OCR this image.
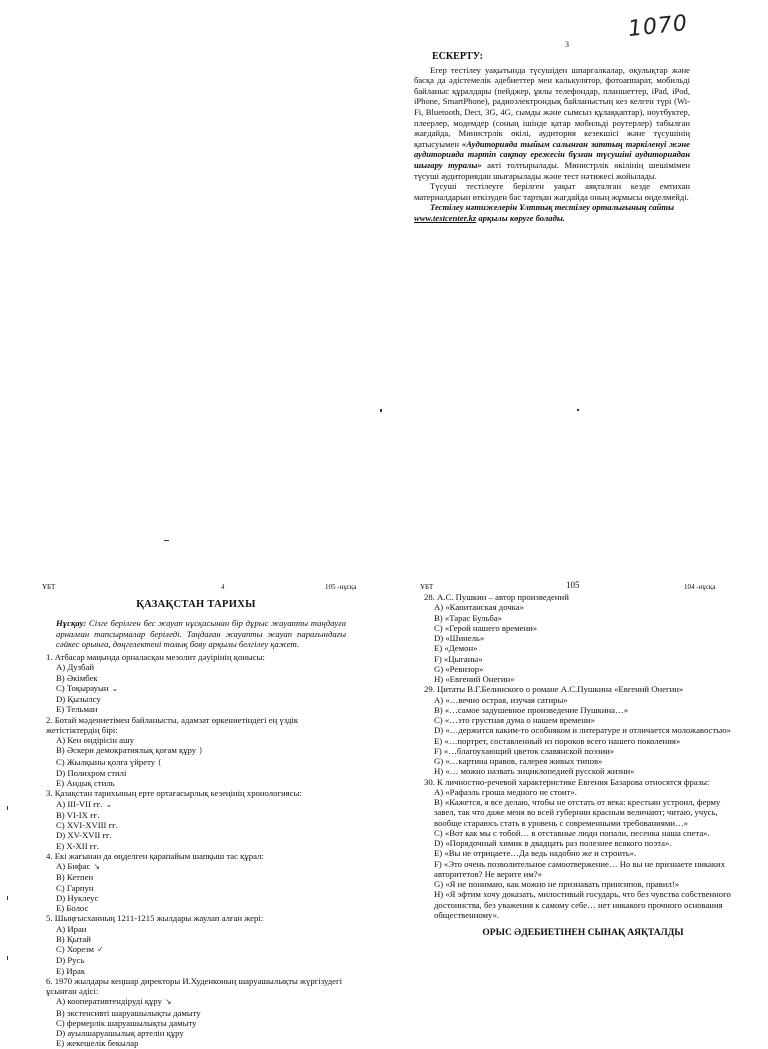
1070
3
ЕСКЕРТУ:

Егер тестілеу уақытында түсушіден шпаргалкалар, оқулықтар және басқа да әдістемелік әдебиеттер мен калькулятор, фотоаппарат, мобильді байланыс құралдары (пейджер, ұялы телефондар, планшеттер, iPad, iPod, iPhone, SmartPhone), радиоэлектрондық байланыстың кез келген түрі (Wi-Fi, Bluetooth, Dect, 3G, 4G, сымды және сымсыз құлаққаптар), ноутбуктер, плеерлер, модемдер (соның ішінде қатар мобильді роутерлер) табылған жағдайда, Министрлік өкілі, аудитория кезекшісі және түсушінің қатысуымен «Аудиторияда тыйым салынған заттың тәркіленуі және аудиторияда тәртіп сақтау ережесін бұзған түсушіні аудиториядан шығару туралы» акті толтырылады. Министрлік өкілінің шешімімен түсуші аудиториядан шығарылады және тест нәтижесі жойылады.

Түсуші тестілеуге берілген уақыт аяқталған кезде емтихан материалдарын өткізуден бас тартқан жағдайда оның жұмысы өңделмейді.

Тестілеу нәтижелерін Ұлттық тестілеу орталығының сайты
www.testcenter.kz арқылы көруге болады.

ҰБТ	4	105 -нұсқа	ҰБТ	105	104 -нұсқа
ҚАЗАҚСТАН ТАРИХЫ
Нұсқау: Сізге берілген бес жауап нұсқасынан бір дұрыс жауапты таңдауға арналған тапсырмалар беріледі. Таңдаған жауапты жауап парағындағы сәйкес орынға, дөңгелектені толық бояу арқылы белгілеу қажет.

1. Атбасар маңында орналасқан мезолит дәуірінің қонысы:

A) Дузбай

B) Әкімбек

C) Тоқырауын ⌄

D) Қызылсу

E) Тельман

2. Ботай мәдениетімен байланысты, адамзат өркениетіндегі ең үздік жетістіктердің бірі:

A) Кен өндірісін ашу

B) Әскери демократиялық қоғам құру )

C) Жылқыны қолға үйрету (

D) Полихром стилі

E) Андық стиль

3. Қазақстан тарихының ерте ортағасырлық кезеңінің хронологиясы:

A) III-VII ғғ. ⌄

B) VI-IX ғғ.

C) XVI-XVIII ғғ.

D) XV-XVII ғғ.

E) X-XII ғғ.

4. Екі жағынан да өңделген қарапайым шапқыш тас құрал:

A) Бифас ↘

B) Кетпен

C) Гарпун

D) Нуклеус

E) Болос

5. Шыңғысханның 1211-1215 жылдары жаулап алған жері:

A) Иран

B) Қытай

C) Хорезм ✓

D) Русь

E) Ирак

6. 1970 жылдары кеңшар директоры И.Худенконың шаруашылықты жүргізудегі ұсынған әдісі:

A) кооперативтендіруді құру ↘

B) экстенсивті шаруашылықты дамыту

C) фермерлік шаруашылықты дамыту

D) ауылшаруашылық артелін құру

E) жекешелік бекылар

28. А.С. Пушкин – автор произведений

A) «Капитанская дочка»

B) «Тарас Бульба»

C) «Герой нашего времени»

D) «Шинель»

E) «Демон»

F) «Цыганы»

G) «Ревизор»

H) «Евгений Онегин»

29. Цитаты В.Г.Белинского о романе А.С.Пушкина «Евгений Онегин»

A) «…вечно острая, изучая сатиры»

B) «…самое задушевное произведение Пушкина…»

C) «…это грустная дума о нашем времени»

D) «…держится каким-то особняком и литературе и отличается моложавостью»

E) «…портрет, составленный из пороков всего нашего поколения»

F) «…благоухающий цветок славянской поэзии»

G) «…картина нравов, галерея живых типов»

H) «… можно назвать энциклопедией русской жизни»

30. К личностно-речевой характеристике Евгения Базарова относятся фразы:

A) «Рафаэль гроша медного не стоит».

B) «Кажется, я все делаю, чтобы не отстать от века: крестьян устроил, ферму завел, так что даже меня во всей губернии красным величают; читаю, учусь, вообще стараюсь стать в уровень с современными требованиями…»

C) «Вот как мы с тобой… в отставные люди попали, песенка наша спета».

D) «Порядочный химик в двадцать раз полезнее всякого поэта».

E) «Вы не отрицаете…Да ведь надобно же и строить».

F) «Это очень позволительное самоотвержение… Но вы не признаете никаких авторитетов? Не верите им?»

G) «Я не понимаю, как можно не признавать принсипов, правил!»

H) «Я эфтим хочу доказать, милостивый государь, что без чувства собственного достоинства, без уважения к самому себе… нет никакого прочного основания общественному».

ОРЫС ӘДЕБИЕТІНЕН СЫНАҚ АЯҚТАЛДЫ
